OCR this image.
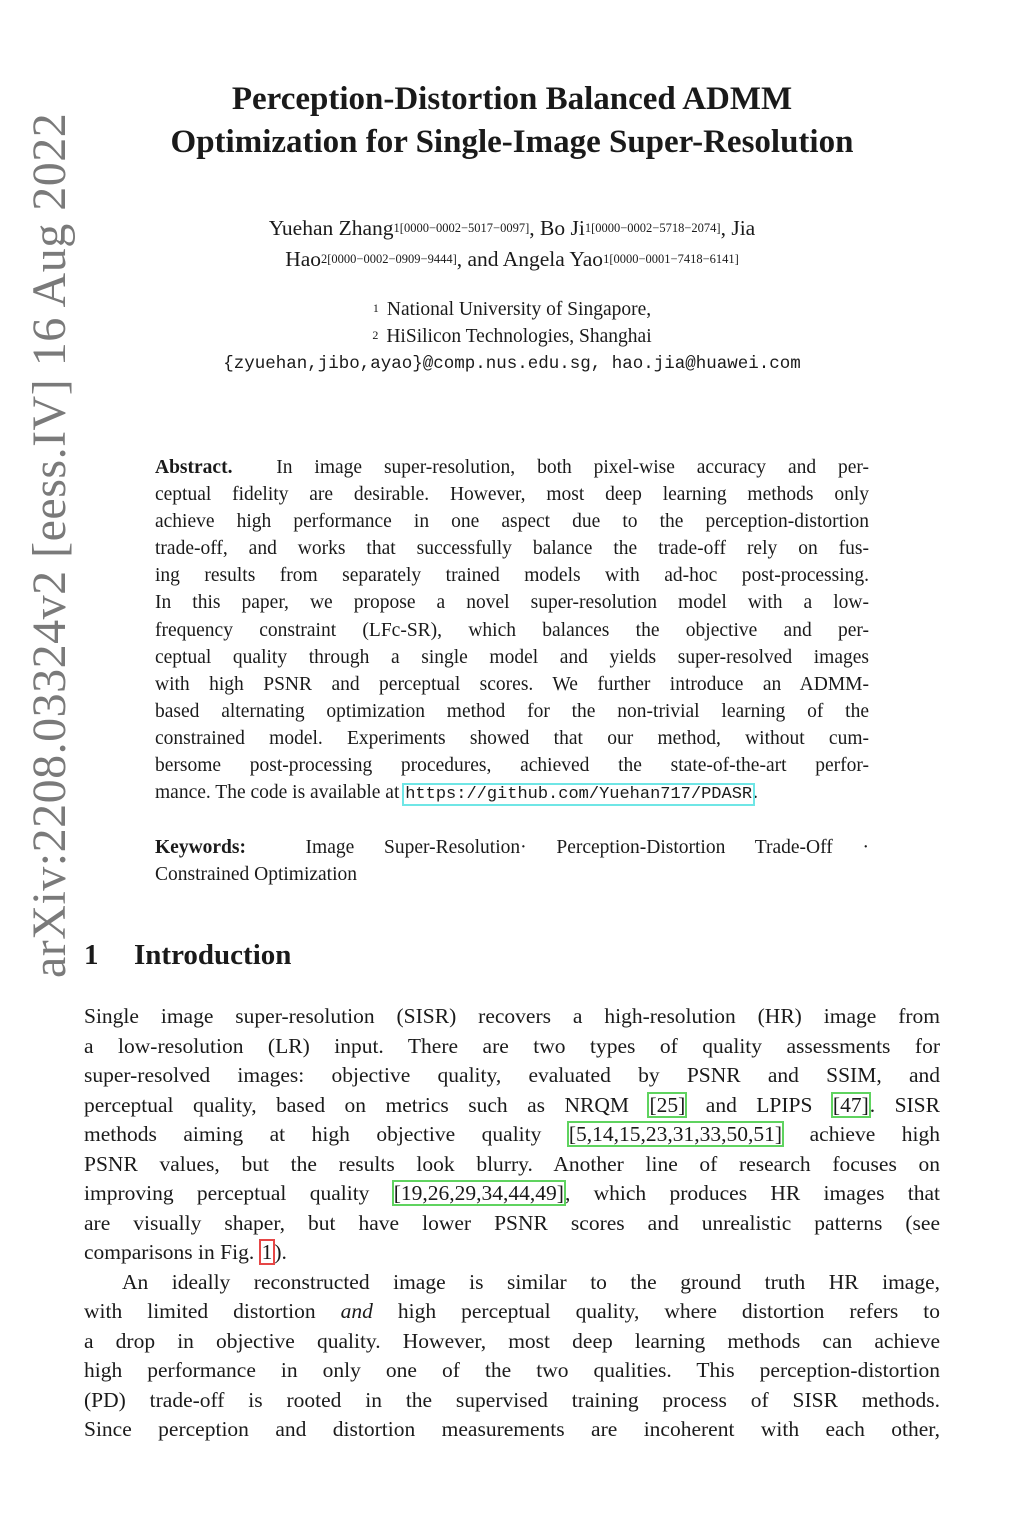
arXiv:2208.03324v2 [eess.IV] 16 Aug 2022
Perception-Distortion Balanced ADMM
Optimization for Single-Image Super-Resolution
Yuehan Zhang$^{1[0000-0002-5017-0097]}$, Bo $Ji^{1[0000-0002-5718-2074]}$, Jia
Hao$^{2[0000-0002-0909-9444]}$, and Angela Yao$^{1[0000-0001-7418-6141]}$
$^1$ National University of Singapore,
$^2$ HiSilicon Technologies, Shanghai
{zyuehan,jibo,ayao}@comp.nus.edu.sg, hao.jia@huawei.com
Abstract. In image super-resolution, both pixel-wise accuracy and per-
ceptual fidelity are desirable. However, most deep learning methods only
achieve high performance in one aspect due to the perception-distortion
trade-off, and works that successfully balance the trade-off rely on fus-
ing results from separately trained models with ad-hoc post-processing.
In this paper, we propose a novel super-resolution model with a low-
frequency constraint (LFc-SR), which balances the objective and per-
ceptual quality through a single model and yields super-resolved images
with high PSNR and perceptual scores. We further introduce an ADMM-
based alternating optimization method for the non-trivial learning of the
constrained model. Experiments showed that our method, without cum-
bersome post-processing procedures, achieved the state-of-the-art perfor-
mance. The code is available at https://github.com/Yuehan717/PDASR.
Keywords:	Image Super-Resolution· Perception-Distortion Trade-Off ·
Constrained Optimization
1 Introduction
Single image super-resolution (SISR) recovers a high-resolution (HR) image from
a low-resolution (LR) input. There are two types of quality assessments for
super-resolved images: objective quality, evaluated by PSNR and SSIM, and
perceptual quality, based on metrics such as NRQM [25] and LPIPS [47]. SISR
methods aiming at high objective quality [5,14,15,23,31,33,50,51] achieve high
PSNR values, but the results look blurry. Another line of research focuses on
improving perceptual quality [19,26,29,34,44,49], which produces HR images that
are visually shaper, but have lower PSNR scores and unrealistic patterns (see
comparisons in Fig. 1).
An ideally reconstructed image is similar to the ground truth HR image,
with limited distortion and high perceptual quality, where distortion refers to
a drop in objective quality. However, most deep learning methods can achieve
high performance in only one of the two qualities. This perception-distortion
(PD) trade-off is rooted in the supervised training process of SISR methods.
Since perception and distortion measurements are incoherent with each other,
